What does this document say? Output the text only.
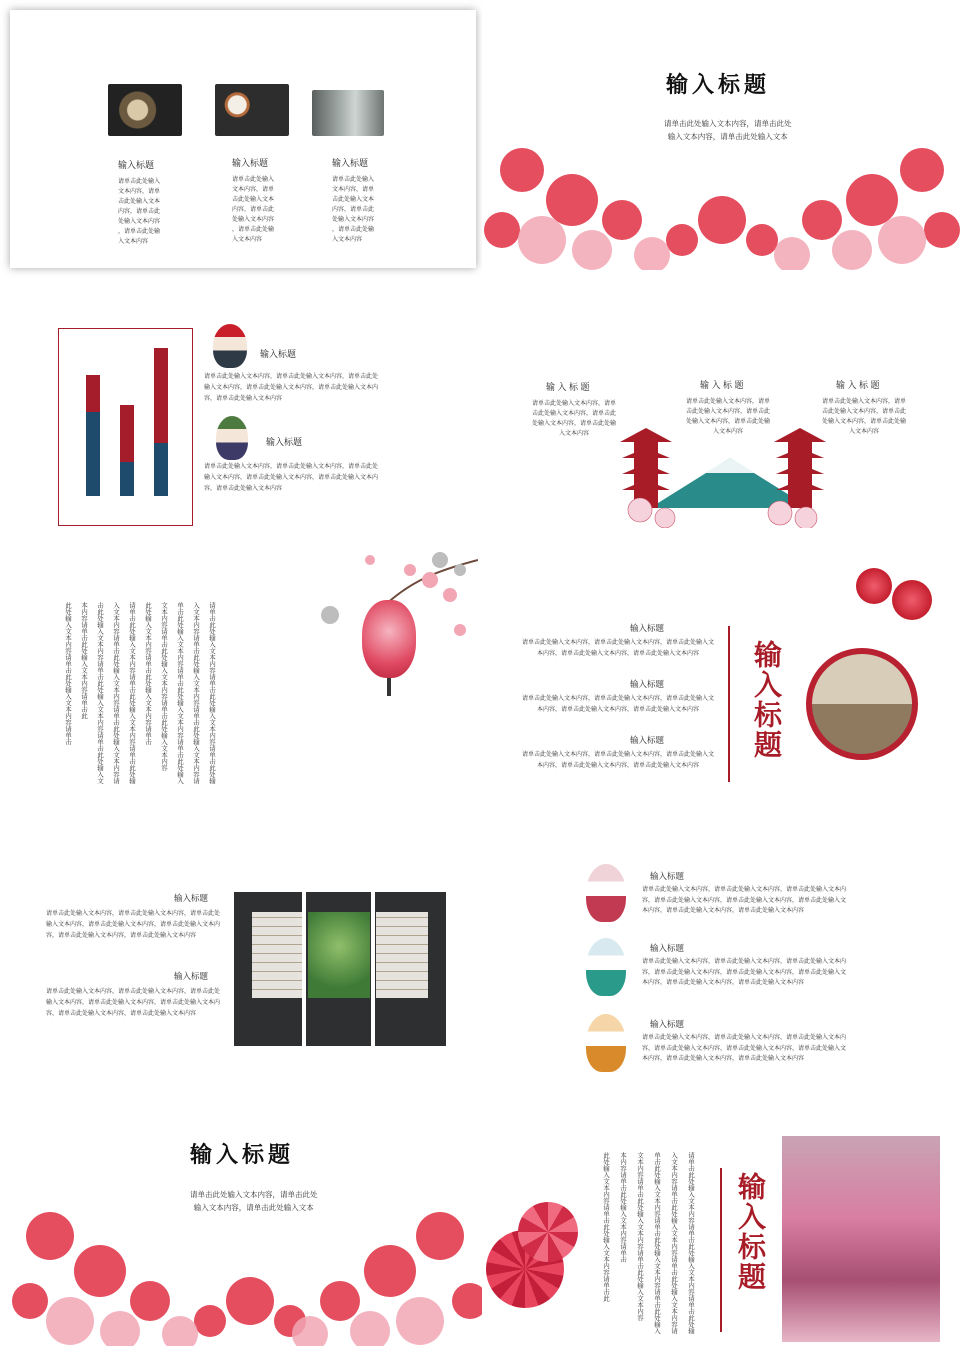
输入标题
请单击此处输入
文本内容，请单
击此处输入文本
内容，请单击此
处输入文本内容
，请单击此处输
入文本内容
输入标题
请单击此处输入
文本内容，请单
击此处输入文本
内容，请单击此
处输入文本内容
，请单击此处输
入文本内容
输入标题
请单击此处输入
文本内容，请单
击此处输入文本
内容，请单击此
处输入文本内容
，请单击此处输
入文本内容
输入标题
请单击此处输入文本内容，请单击此处
输入文本内容，请单击此处输入文本
输入标题
请单击此处输入文本内容，请单击此处输入文本内容，请单击此处
输入文本内容，请单击此处输入文本内容，请单击此处输入文本内
容，请单击此处输入文本内容
输入标题
请单击此处输入文本内容，请单击此处输入文本内容，请单击此处
输入文本内容，请单击此处输入文本内容，请单击此处输入文本内
容，请单击此处输入文本内容
输 入 标 题
请单击此处输入文本内容，请单
击此处输入文本内容，请单击此
处输入文本内容，请单击此处输
入文本内容
输 入 标 题
请单击此处输入文本内容，请单
击此处输入文本内容，请单击此
处输入文本内容，请单击此处输
入文本内容
输 入 标 题
请单击此处输入文本内容，请单
击此处输入文本内容，请单击此
处输入文本内容，请单击此处输
入文本内容
请单击此处输入文本内容请单击此处输入文本内容请单击此处输
入文本内容请单击此处输入文本内容请单击此处输入文本内容请
单击此处输入文本内容请单击此处输入文本内容请单击此处输入
文本内容请单击此处输入文本内容请单击此处输入文本内容
此处输入文本内容请单击此处输入文本内容请单击
请单击此处输入文本内容请单击此处输入文本内容请单击此处输
入文本内容请单击此处输入文本内容请单击此处输入文本内容请
击此处输入文本内容请单击此处输入文本内容请单击此处输入文
本内容请单击此处输入文本内容请单击此
此处输入文本内容请单击此处输入文本内容请单击	输入标题
请单击此处输入文本内容，请单击此处输入文本内容，请单击此处输入文
本内容，请单击此处输入文本内容，请单击此处输入文本内容
输入标题
请单击此处输入文本内容，请单击此处输入文本内容，请单击此处输入文
本内容，请单击此处输入文本内容，请单击此处输入文本内容
输入标题
请单击此处输入文本内容，请单击此处输入文本内容，请单击此处输入文
本内容，请单击此处输入文本内容，请单击此处输入文本内容
输入标题
输入标题
请单击此处输入文本内容，请单击此处输入文本内容，请单击此处
输入文本内容，请单击此处输入文本内容，请单击此处输入文本内
容，请单击此处输入文本内容，请单击此处输入文本内容
输入标题
请单击此处输入文本内容，请单击此处输入文本内容，请单击此处
输入文本内容，请单击此处输入文本内容，请单击此处输入文本内
容，请单击此处输入文本内容，请单击此处输入文本内容
输入标题
请单击此处输入文本内容，请单击此处输入文本内容，请单击此处输入文本内
容，请单击此处输入文本内容，请单击此处输入文本内容，请单击此处输入文
本内容，请单击此处输入文本内容，请单击此处输入文本内容
输入标题
请单击此处输入文本内容，请单击此处输入文本内容，请单击此处输入文本内
容，请单击此处输入文本内容，请单击此处输入文本内容，请单击此处输入文
本内容，请单击此处输入文本内容，请单击此处输入文本内容
输入标题
请单击此处输入文本内容，请单击此处输入文本内容，请单击此处输入文本内
容，请单击此处输入文本内容，请单击此处输入文本内容，请单击此处输入文
本内容，请单击此处输入文本内容，请单击此处输入文本内容
输入标题
请单击此处输入文本内容，请单击此处
输入文本内容，请单击此处输入文本	请单击此处输入文本内容请单击此处输入文本内容请单击此处输
入文本内容请单击此处输入文本内容请单击此处输入文本内容请
单击此处输入文本内容请单击此处输入文本内容请单击此处输入
文本内容请单击此处输入文本内容请单击此处输入文本内容
本内容请单击此处输入文本内容请单击
此处输入文本内容请单击此处输入文本内容请单击此	输入标题
